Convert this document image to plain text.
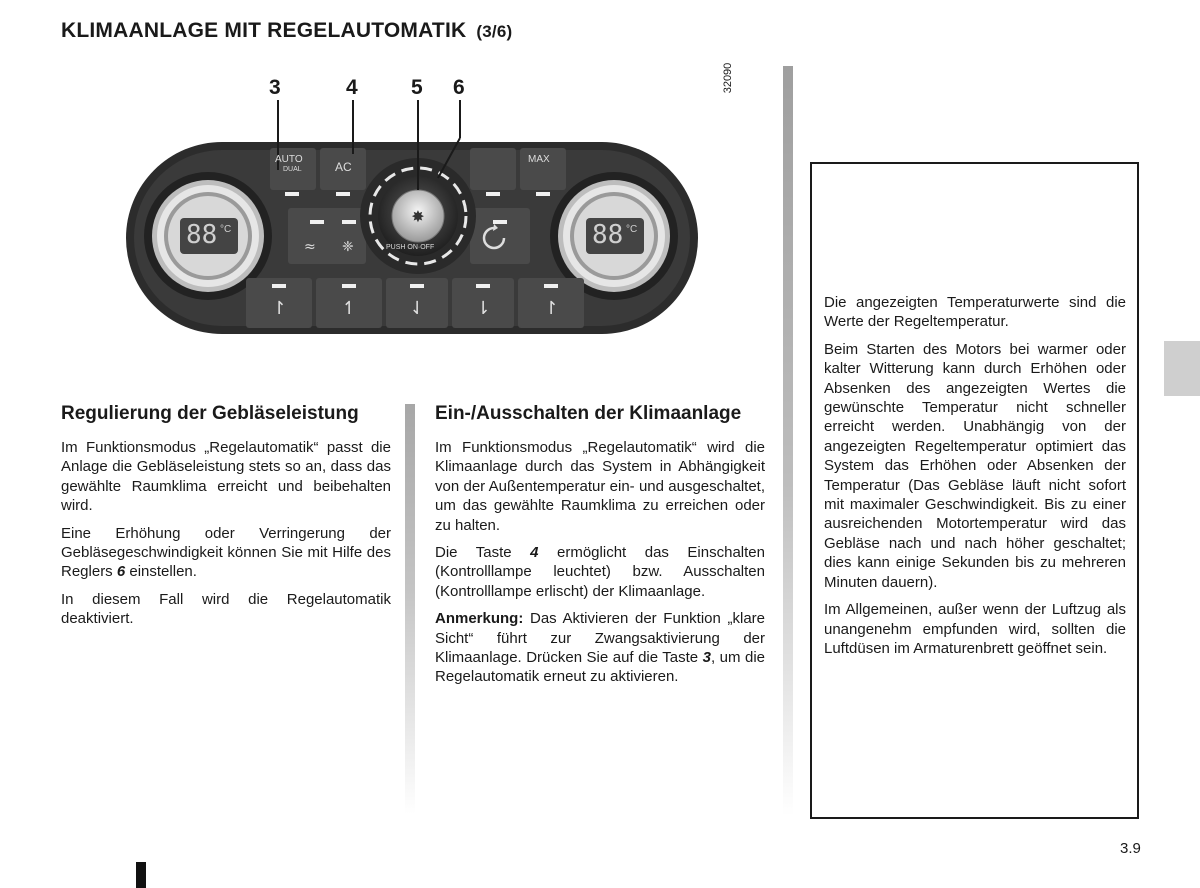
KLIMAANLAGE MIT REGELAUTOMATIK (3/6)
≈ ❈
✸
↾	↿	⇃	⇂	↾
3	4	5 6	32090
AUTO
DUAL	AC
MAX
PUSH ON·OFF
88 °C	88 °C
Regulierung der Gebläseleistung

Im Funktionsmodus „Regelautomatik“ passt die Anlage die Gebläseleistung stets so an, dass das gewählte Raumklima erreicht und beibehalten wird.

Eine Erhöhung oder Verringerung der Gebläsegeschwindigkeit können Sie mit Hilfe des Reglers 6 einstellen.

In diesem Fall wird die Regelautomatik deaktiviert.

Ein-/Ausschalten der Klimaanlage

Im Funktionsmodus „Regelautomatik“ wird die Klimaanlage durch das System in Abhängigkeit von der Außentemperatur ein- und ausgeschaltet, um das gewählte Raumklima zu erreichen oder zu halten.

Die Taste 4 ermöglicht das Einschalten (Kontrolllampe leuchtet) bzw. Ausschalten (Kontrolllampe erlischt) der Klimaanlage.

Anmerkung: Das Aktivieren der Funktion „klare Sicht“ führt zur Zwangsaktivierung der Klimaanlage. Drücken Sie auf die Taste 3, um die Regelautomatik erneut zu aktivieren.

Die angezeigten Temperaturwerte sind die Werte der Regeltemperatur.

Beim Starten des Motors bei warmer oder kalter Witterung kann durch Erhöhen oder Absenken des angezeigten Wertes die gewünschte Temperatur nicht schneller erreicht werden. Unabhängig von der angezeigten Regeltemperatur optimiert das System das Erhöhen oder Absenken der Temperatur (Das Gebläse läuft nicht sofort mit maximaler Geschwindigkeit. Bis zu einer ausreichenden Motortemperatur wird das Gebläse nach und nach höher geschaltet; dies kann einige Sekunden bis zu mehreren Minuten dauern).

Im Allgemeinen, außer wenn der Luftzug als unangenehm empfunden wird, sollten die Luftdüsen im Armaturenbrett geöffnet sein.

3.9
